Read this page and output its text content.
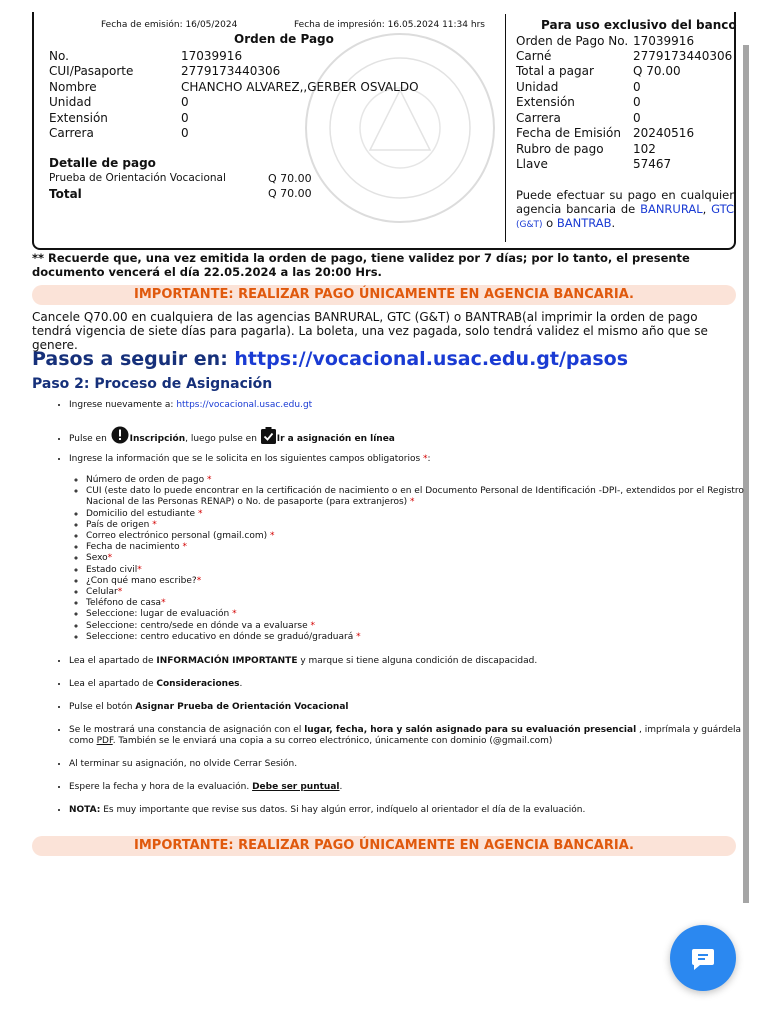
Fecha de emisión: 16/05/2024	Fecha de impresión: 16.05.2024 11:34 hrs
Orden de Pago
No.	17039916
CUI/Pasaporte	2779173440306
Nombre	CHANCHO ALVAREZ,,GERBER OSVALDO
Unidad	0
Extensión	0
Carrera	0
Detalle de pago
Prueba de Orientación Vocacional	Q 70.00
Total	Q 70.00
Para uso exclusivo del banco
Orden de Pago No. 17039916
Carné	2779173440306
Total a pagar	Q 70.00
Unidad	0
Extensión	0
Carrera	0
Fecha de Emisión 20240516
Rubro de pago 102
Llave	57467
Puede efectuar su pago en cualquier agencia bancaria de BANRURAL, GTC (G&T) o BANTRAB.
** Recuerde que, una vez emitida la orden de pago, tiene validez por 7 días; por lo tanto, el presente documento vencerá el día 22.05.2024 a las 20:00 Hrs.
IMPORTANTE: REALIZAR PAGO ÚNICAMENTE EN AGENCIA BANCARIA.
Cancele Q70.00 en cualquiera de las agencias BANRURAL, GTC (G&T) o BANTRAB(al imprimir la orden de pago tendrá vigencia de siete días para pagarla). La boleta, una vez pagada, solo tendrá validez el mismo año que se genere.
Pasos a seguir en: https://vocacional.usac.edu.gt/pasos
Paso 2: Proceso de Asignación
• Ingrese nuevamente a: https://vocacional.usac.edu.gt
• Pulse en Inscripción, luego pulse en Ir a asignación en línea
• Ingrese la información que se le solicita en los siguientes campos obligatorios *:
◦ Número de orden de pago *
◦ CUI (este dato lo puede encontrar en la certificación de nacimiento o en el Documento Personal de Identificación -DPI-, extendidos por el Registro Nacional de las Personas RENAP) o No. de pasaporte (para extranjeros) *
◦ Domicilio del estudiante *
◦ País de origen *
◦ Correo electrónico personal (gmail.com) *
◦ Fecha de nacimiento *
◦ Sexo*
◦ Estado civil*
◦ ¿Con qué mano escribe?*
◦ Celular*
◦ Teléfono de casa*
◦ Seleccione: lugar de evaluación *
◦ Seleccione: centro/sede en dónde va a evaluarse *
◦ Seleccione: centro educativo en dónde se graduó/graduará *
• Lea el apartado de INFORMACIÓN IMPORTANTE y marque si tiene alguna condición de discapacidad.
• Lea el apartado de Consideraciones.
• Pulse el botón Asignar Prueba de Orientación Vocacional
• Se le mostrará una constancia de asignación con el lugar, fecha, hora y salón asignado para su evaluación presencial , imprímala y guárdela como PDF. También se le enviará una copia a su correo electrónico, únicamente con dominio (@gmail.com)
• Al terminar su asignación, no olvide Cerrar Sesión.
• Espere la fecha y hora de la evaluación. Debe ser puntual.
• NOTA: Es muy importante que revise sus datos. Si hay algún error, indíquelo al orientador el día de la evaluación.
IMPORTANTE: REALIZAR PAGO ÚNICAMENTE EN AGENCIA BANCARIA.
